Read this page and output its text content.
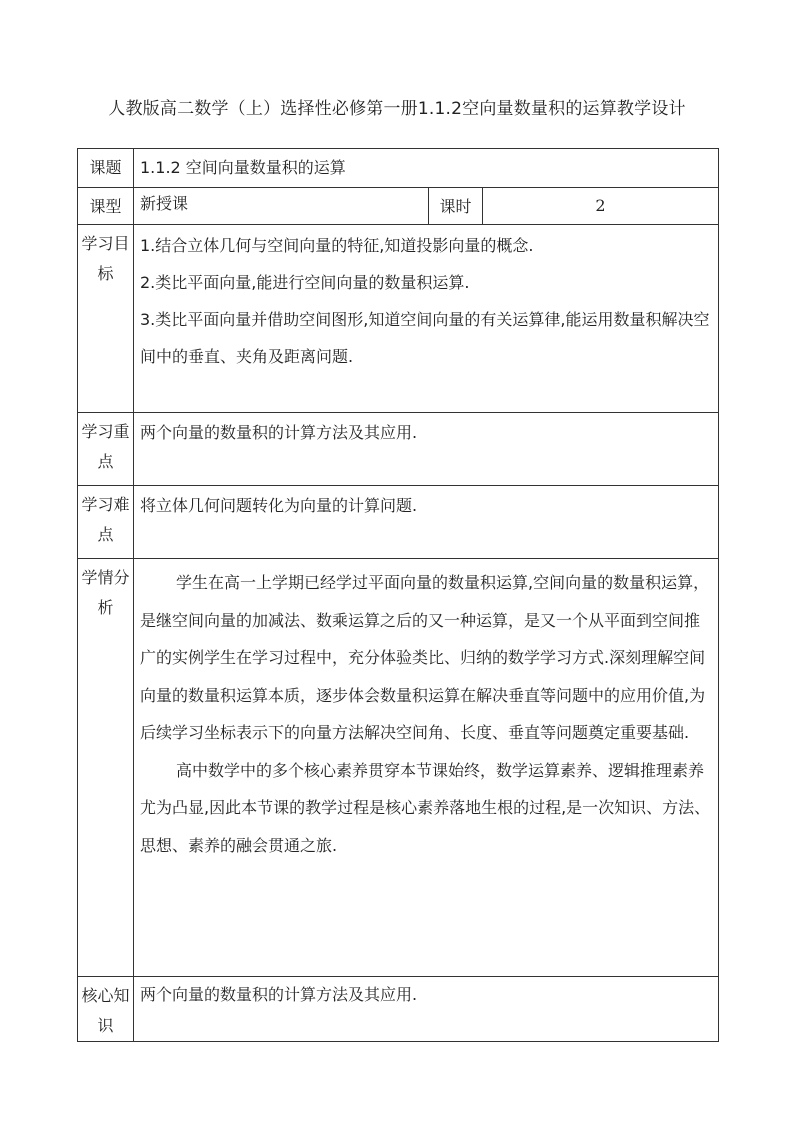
人教版高二数学（上）选择性必修第一册1.1.2空向量数量积的运算教学设计
课题	1.1.2 空间向量数量积的运算		
课型	新授课	课时	2
学习目标	1.结合立体几何与空间向量的特征,知道投影向量的概念.

2.类比平面向量,能进行空间向量的数量积运算.

3.类比平面向量并借助空间图形,知道空间向量的有关运算律,能运用数量积解决空间中的垂直、夹角及距离问题.		

学习重点	两个向量的数量积的计算方法及其应用.		
学习难点	将立体几何问题转化为向量的计算问题.		
学情分析	学生在高一上学期已经学过平面向量的数量积运算,空间向量的数量积运算，是继空间向量的加减法、数乘运算之后的又一种运算，是又一个从平面到空间推广的实例学生在学习过程中，充分体验类比、归纳的数学学习方式.深刻理解空间向量的数量积运算本质，逐步体会数量积运算在解决垂直等问题中的应用价值,为后续学习坐标表示下的向量方法解决空间角、长度、垂直等问题奠定重要基础.

高中数学中的多个核心素养贯穿本节课始终，数学运算素养、逻辑推理素养尤为凸显,因此本节课的教学过程是核心素养落地生根的过程,是一次知识、方法、思想、素养的融会贯通之旅.		

核心知识	两个向量的数量积的计算方法及其应用.		
